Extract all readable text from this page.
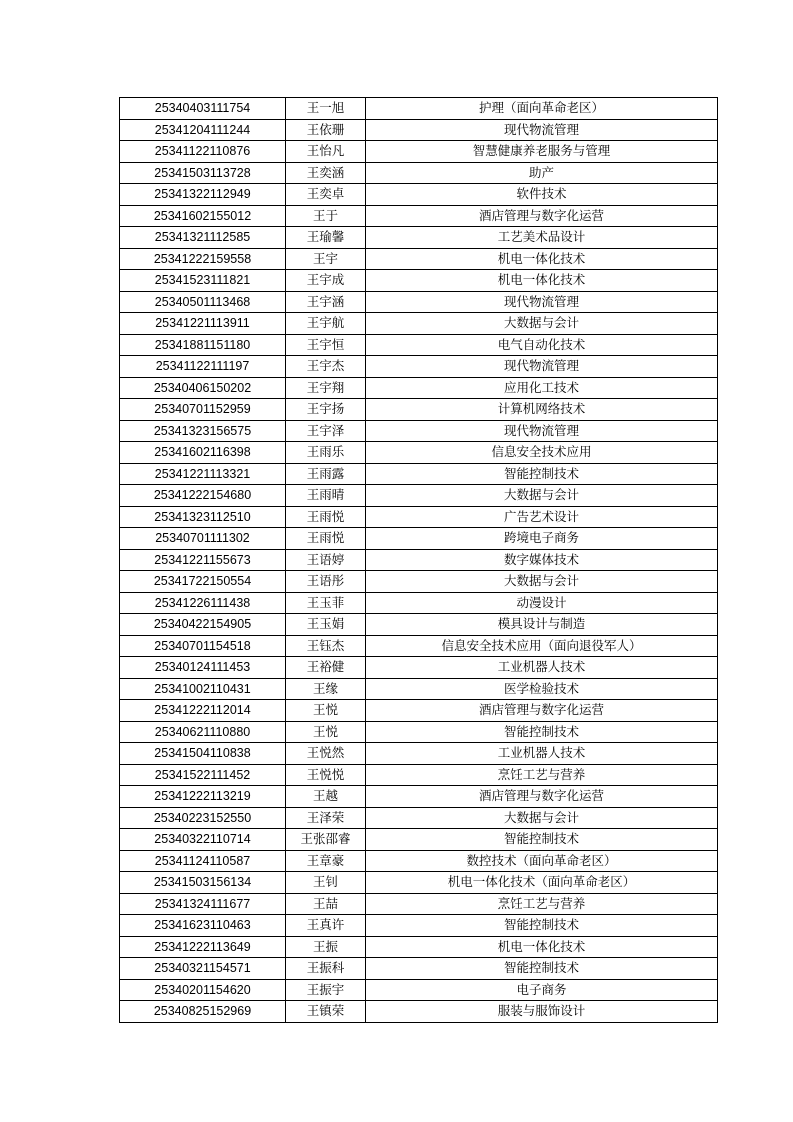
25340403111754	王一旭	护理（面向革命老区）
25341204111244	王依珊	现代物流管理
25341122110876	王怡凡	智慧健康养老服务与管理
25341503113728	王奕涵	助产
25341322112949	王奕卓	软件技术
25341602155012	王于	酒店管理与数字化运营
25341321112585	王瑜馨	工艺美术品设计
25341222159558	王宇	机电一体化技术
25341523111821	王宇成	机电一体化技术
25340501113468	王宇涵	现代物流管理
25341221113911	王宇航	大数据与会计
25341881151180	王宇恒	电气自动化技术
25341122111197	王宇杰	现代物流管理
25340406150202	王宇翔	应用化工技术
25340701152959	王宇扬	计算机网络技术
25341323156575	王宇泽	现代物流管理
25341602116398	王雨乐	信息安全技术应用
25341221113321	王雨露	智能控制技术
25341222154680	王雨晴	大数据与会计
25341323112510	王雨悦	广告艺术设计
25340701111302	王雨悦	跨境电子商务
25341221155673	王语婷	数字媒体技术
25341722150554	王语彤	大数据与会计
25341226111438	王玉菲	动漫设计
25340422154905	王玉娟	模具设计与制造
25340701154518	王钰杰	信息安全技术应用（面向退役军人）
25340124111453	王裕健	工业机器人技术
25341002110431	王缘	医学检验技术
25341222112014	王悦	酒店管理与数字化运营
25340621110880	王悦	智能控制技术
25341504110838	王悦然	工业机器人技术
25341522111452	王悦悦	烹饪工艺与营养
25341222113219	王越	酒店管理与数字化运营
25340223152550	王泽荣	大数据与会计
25340322110714	王张邵睿	智能控制技术
25341124110587	王章豪	数控技术（面向革命老区）
25341503156134	王钊	机电一体化技术（面向革命老区）
25341324111677	王喆	烹饪工艺与营养
25341623110463	王真许	智能控制技术
25341222113649	王振	机电一体化技术
25340321154571	王振科	智能控制技术
25340201154620	王振宇	电子商务
25340825152969	王镇荣	服装与服饰设计
